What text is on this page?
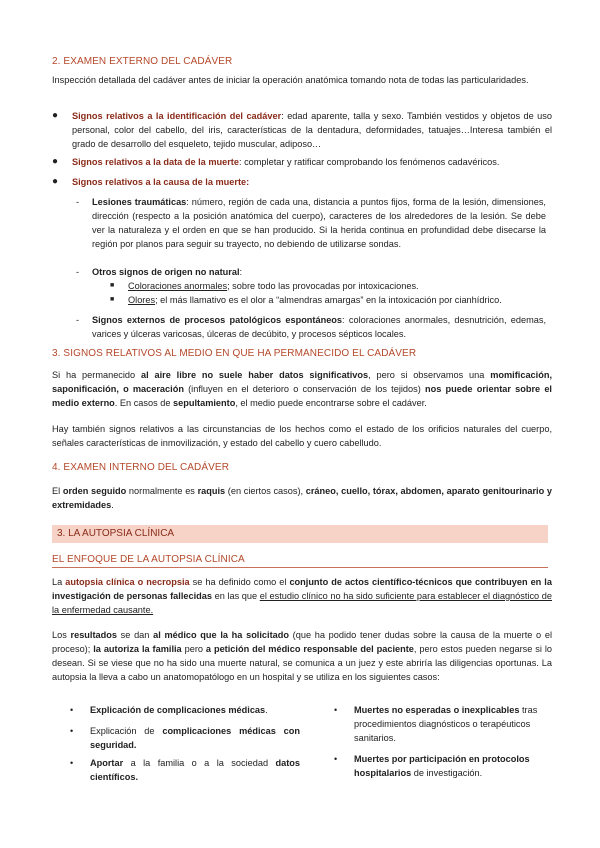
2. EXAMEN EXTERNO DEL CADÁVER

Inspección detallada del cadáver antes de iniciar la operación anatómica tomando nota de todas las particularidades.

● Signos relativos a la identificación del cadáver: edad aparente, talla y sexo. También vestidos y objetos de uso personal, color del cabello, del iris, características de la dentadura, deformidades, tatuajes…Interesa también el grado de desarrollo del esqueleto, tejido muscular, adiposo…
● Signos relativos a la data de la muerte: completar y ratificar comprobando los fenómenos cadavéricos.
● Signos relativos a la causa de la muerte:
- Lesiones traumáticas: número, región de cada una, distancia a puntos fijos, forma de la lesión, dimensiones, dirección (respecto a la posición anatómica del cuerpo), caracteres de los alrededores de la lesión. Se debe ver la naturaleza y el orden en que se han producido. Si la herida continua en profundidad debe disecarse la región por planos para seguir su trayecto, no debiendo de utilizarse sondas.
- Otros signos de origen no natural:
■ Coloraciones anormales; sobre todo las provocadas por intoxicaciones.
■ Olores; el más llamativo es el olor a “almendras amargas” en la intoxicación por cianhídrico.
- Signos externos de procesos patológicos espontáneos: coloraciones anormales, desnutrición, edemas, varices y úlceras varicosas, úlceras de decúbito, y procesos sépticos locales.
3. SIGNOS RELATIVOS AL MEDIO EN QUE HA PERMANECIDO EL CADÁVER

Si ha permanecido al aire libre no suele haber datos significativos, pero si observamos una momificación, saponificación, o maceración (influyen en el deterioro o conservación de los tejidos) nos puede orientar sobre el medio externo. En casos de sepultamiento, el medio puede encontrarse sobre el cadáver.

Hay también signos relativos a las circunstancias de los hechos como el estado de los orificios naturales del cuerpo, señales características de inmovilización, y estado del cabello y cuero cabelludo.

4. EXAMEN INTERNO DEL CADÁVER

El orden seguido normalmente es raquis (en ciertos casos), cráneo, cuello, tórax, abdomen, aparato genitourinario y extremidades.

3. LA AUTOPSIA CLÍNICA
EL ENFOQUE DE LA AUTOPSIA CLÍNICA

La autopsia clínica o necropsia se ha definido como el conjunto de actos científico-técnicos que contribuyen en la investigación de personas fallecidas en las que el estudio clínico no ha sido suficiente para establecer el diagnóstico de la enfermedad causante.

Los resultados se dan al médico que la ha solicitado (que ha podido tener dudas sobre la causa de la muerte o el proceso); la autoriza la familia pero a petición del médico responsable del paciente, pero estos pueden negarse si lo desean. Si se viese que no ha sido una muerte natural, se comunica a un juez y este abriría las diligencias oportunas. La autopsia la lleva a cabo un anatomopatólogo en un hospital y se utiliza en los siguientes casos:

• Explicación de complicaciones médicas.
• Explicación de complicaciones médicas con seguridad.
• Aportar a la familia o a la sociedad datos científicos.
• Muertes no esperadas o inexplicables tras procedimientos diagnósticos o terapéuticos sanitarios.
• Muertes por participación en protocolos hospitalarios de investigación.
